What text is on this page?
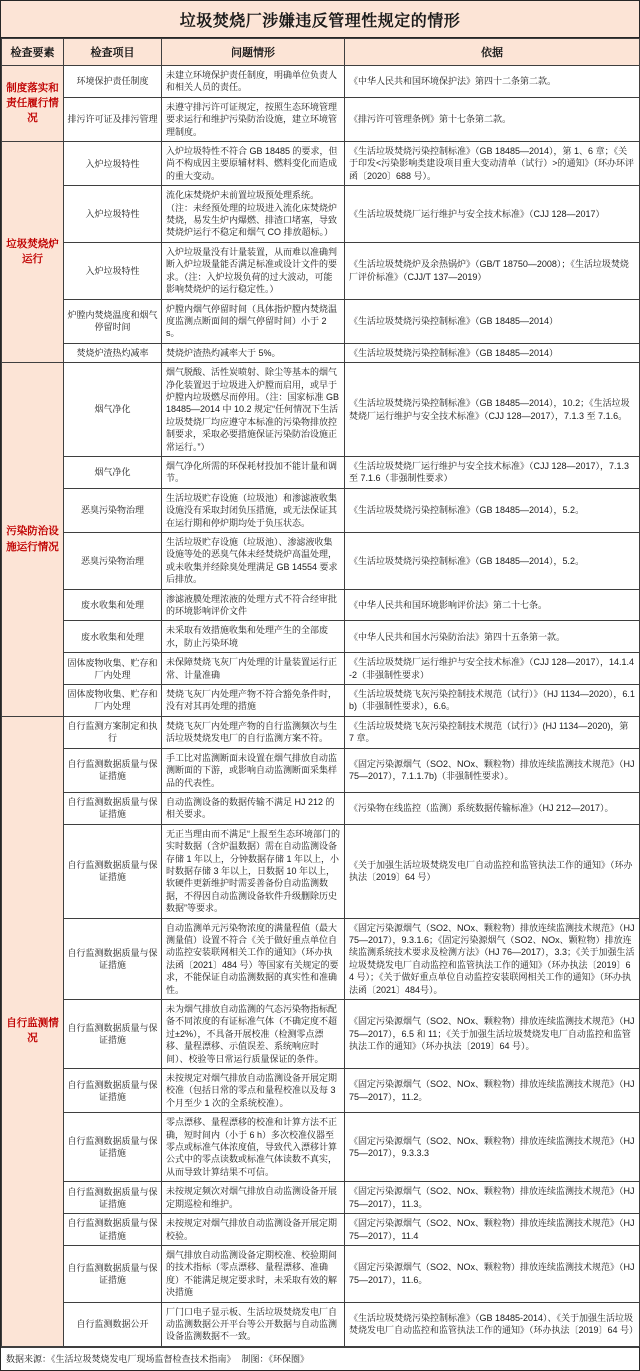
垃圾焚烧厂涉嫌违反管理性规定的情形
检查要素	检查项目	问题情形	依据
制度落实和责任履行情况	环境保护责任制度	未建立环境保护责任制度，明确单位负责人和相关人员的责任。	《中华人民共和国环境保护法》第四十二条第二款。
	排污许可证及排污管理	未遵守排污许可证规定，按照生态环境管理要求运行和维护污染防治设施，建立环境管理制度。	《排污许可管理条例》第十七条第二款。
垃圾焚烧炉运行	入炉垃圾特性	入炉垃圾特性不符合 GB 18485 的要求，但尚不构成因主要原辅材料、燃料变化而造成的重大变动。	《生活垃圾焚烧污染控制标准》（GB 18485—2014），第 1、6 章；《关于印发<污染影响类建设项目重大变动清单（试行）>的通知》（环办环评函〔2020〕688 号）。
	入炉垃圾特性	流化床焚烧炉未前置垃圾预处理系统。（注：未经预处理的垃圾进入流化床焚烧炉焚烧，易发生炉内爆燃、排渣口堵塞，导致焚烧炉运行不稳定和烟气 CO 排放超标。）	《生活垃圾焚烧厂运行维护与安全技术标准》（CJJ 128—2017）
	入炉垃圾特性	入炉垃圾量没有计量装置，从而难以准确判断入炉垃圾量能否满足标准或设计文件的要求。（注：入炉垃圾负荷的过大波动，可能影响焚烧炉的运行稳定性。）	《生活垃圾焚烧炉及余热锅炉》（GB/T 18750—2008）；《生活垃圾焚烧厂评价标准》（CJJ/T 137—2019）
	炉膛内焚烧温度和烟气停留时间	炉膛内烟气停留时间（具体指炉膛内焚烧温度监测点断面间的烟气停留时间）小于 2 s。	《生活垃圾焚烧污染控制标准》（GB 18485—2014）
	焚烧炉渣热灼减率	焚烧炉渣热灼减率大于 5%。	《生活垃圾焚烧污染控制标准》（GB 18485—2014）
污染防治设施运行情况	烟气净化	烟气脱酸、活性炭喷射、除尘等基本的烟气净化装置迟于垃圾进入炉膛而启用，或早于炉膛内垃圾燃尽而停用。（注：国家标准 GB18485—2014 中 10.2 规定“任何情况下生活垃圾焚烧厂均应遵守本标准的污染物排放控制要求，采取必要措施保证污染防治设施正常运行。”）	《生活垃圾焚烧污染控制标准》（GB 18485—2014），10.2；《生活垃圾焚烧厂运行维护与安全技术标准》（CJJ 128—2017），7.1.3 至 7.1.6。
	烟气净化	烟气净化所需的环保耗材投加不能计量和调节。	《生活垃圾焚烧厂运行维护与安全技术标准》（CJJ 128—2017），7.1.3 至 7.1.6（非强制性要求）
	恶臭污染物治理	生活垃圾贮存设施（垃圾池）和渗滤液收集设施没有采取封闭负压措施，或无法保证其在运行期和停炉期均处于负压状态。	《生活垃圾焚烧污染控制标准》（GB 18485—2014），5.2。
	恶臭污染物治理	生活垃圾贮存设施（垃圾池）、渗滤液收集设施等处的恶臭气体未经焚烧炉高温处理，或未收集并经除臭处理满足 GB 14554 要求后排放。	《生活垃圾焚烧污染控制标准》（GB 18485—2014），5.2。
	废水收集和处理	渗滤液膜处理浓液的处理方式不符合经审批的环境影响评价文件	《中华人民共和国环境影响评价法》第二十七条。
	废水收集和处理	未采取有效措施收集和处理产生的全部废水，防止污染环境	《中华人民共和国水污染防治法》第四十五条第一款。
	固体废物收集、贮存和厂内处理	未保障焚烧飞灰厂内处理的计量装置运行正常、计量准确	《生活垃圾焚烧厂运行维护与安全技术标准》（CJJ 128—2017），14.1.4-2（非强制性要求）
	固体废物收集、贮存和厂内处理	焚烧飞灰厂内处理产物不符合豁免条件时，没有对其再处理的措施	《生活垃圾焚烧飞灰污染控制技术规范（试行）》（HJ 1134—2020），6.1b)（非强制性要求），6.6。
自行监测情况	自行监测方案制定和执行	焚烧飞灰厂内处理产物的自行监测频次与生活垃圾焚烧发电厂的自行监测方案不符。	《生活垃圾焚烧飞灰污染控制技术规范（试行）》(HJ 1134—2020)，第 7 章。
	自行监测数据质量与保证措施	手工比对监测断面未设置在烟气排放自动监测断面的下游，或影响自动监测断面采集样品的代表性。	《固定污染源烟气（SO2、NOx、颗粒物）排放连续监测技术规范》（HJ 75—2017），7.1.1.7b)（非强制性要求）。
	自行监测数据质量与保证措施	自动监测设备的数据传输不满足 HJ 212 的相关要求。	《污染物在线监控（监测）系统数据传输标准》（HJ 212—2017）。
	自行监测数据质量与保证措施	无正当理由而不满足“上报至生态环境部门的实时数据（含炉温数据）需在自动监测设备存储 1 年以上，分钟数据存储 1 年以上，小时数据存储 3 年以上，日数据 10 年以上，软硬件更新维护时需妥善备份自动监测数据，不得因自动监测设备软件升级删除历史数据”等要求。	《关于加强生活垃圾焚烧发电厂自动监控和监管执法工作的通知》（环办执法〔2019〕64 号）
	自行监测数据质量与保证措施	自动监测单元污染物浓度的满量程值（最大测量值）设置不符合《关于做好重点单位自动监控安装联网相关工作的通知》（环办执法函〔2021〕484 号）等国家有关规定的要求，不能保证自动监测数据的真实性和准确性。	《固定污染源烟气（SO2、NOx、颗粒物）排放连续监测技术规范》（HJ 75—2017），9.3.1.6；《固定污染源烟气（SO2、NOx、颗粒物）排放连续监测系统技术要求及检测方法》（HJ 76—2017），3.3；《关于加强生活垃圾焚烧发电厂自动监控和监管执法工作的通知》（环办执法〔2019〕64 号）；《关于做好重点单位自动监控安装联网相关工作的通知》（环办执法函〔2021〕484号）。
	自行监测数据质量与保证措施	未为烟气排放自动监测的气态污染物指标配备不同浓度的有证标准气体（不确定度不超过±2%），不具备开展校准（检测零点漂移、量程漂移、示值误差、系统响应时间）、校验等日常运行质量保证的条件。	《固定污染源烟气（SO2、NOx、颗粒物）排放连续监测技术规范》（HJ 75—2017），6.5 和 11；《关于加强生活垃圾焚烧发电厂自动监控和监管执法工作的通知》（环办执法〔2019〕64 号）。
	自行监测数据质量与保证措施	未按规定对烟气排放自动监测设备开展定期校准（包括日常的零点和量程校准以及每 3 个月至少 1 次的全系统校准）。	《固定污染源烟气（SO2、NOx、颗粒物）排放连续监测技术规范》（HJ 75—2017），11.2。
	自行监测数据质量与保证措施	零点漂移、量程漂移的校准和计算方法不正确，短时间内（小于 6 h）多次校准仪器至零点或标准气体浓度值，导致代入漂移计算公式中的零点读数或标准气体读数不真实，从而导致计算结果不可信。	《固定污染源烟气（SO2、NOx、颗粒物）排放连续监测技术规范》（HJ 75—2017），9.3.3.3
	自行监测数据质量与保证措施	未按规定频次对烟气排放自动监测设备开展定期巡检和维护。	《固定污染源烟气（SO2、NOx、颗粒物）排放连续监测技术规范》（HJ 75—2017），11.3。
	自行监测数据质量与保证措施	未按规定对烟气排放自动监测设备开展定期校验。	《固定污染源烟气（SO2、NOx、颗粒物）排放连续监测技术规范》（HJ 75—2017），11.4
	自行监测数据质量与保证措施	烟气排放自动监测设备定期校准、校验期间的技术指标（零点漂移、量程漂移、准确度）不能满足规定要求时，未采取有效的解决措施	《固定污染源烟气（SO2、NOx、颗粒物）排放连续监测技术规范》（HJ 75—2017），11.6。
	自行监测数据公开	厂门口电子显示板、生活垃圾焚烧发电厂自动监测数据公开平台等公开数据与自动监测设备监测数据不一致。	《生活垃圾焚烧污染控制标准》（GB 18485-2014）、《关于加强生活垃圾焚烧发电厂自动监控和监管执法工作的通知》（环办执法〔2019〕64 号）
数据来源：《生活垃圾焚烧发电厂现场监督检查技术指南》 制图：《环保圈》
